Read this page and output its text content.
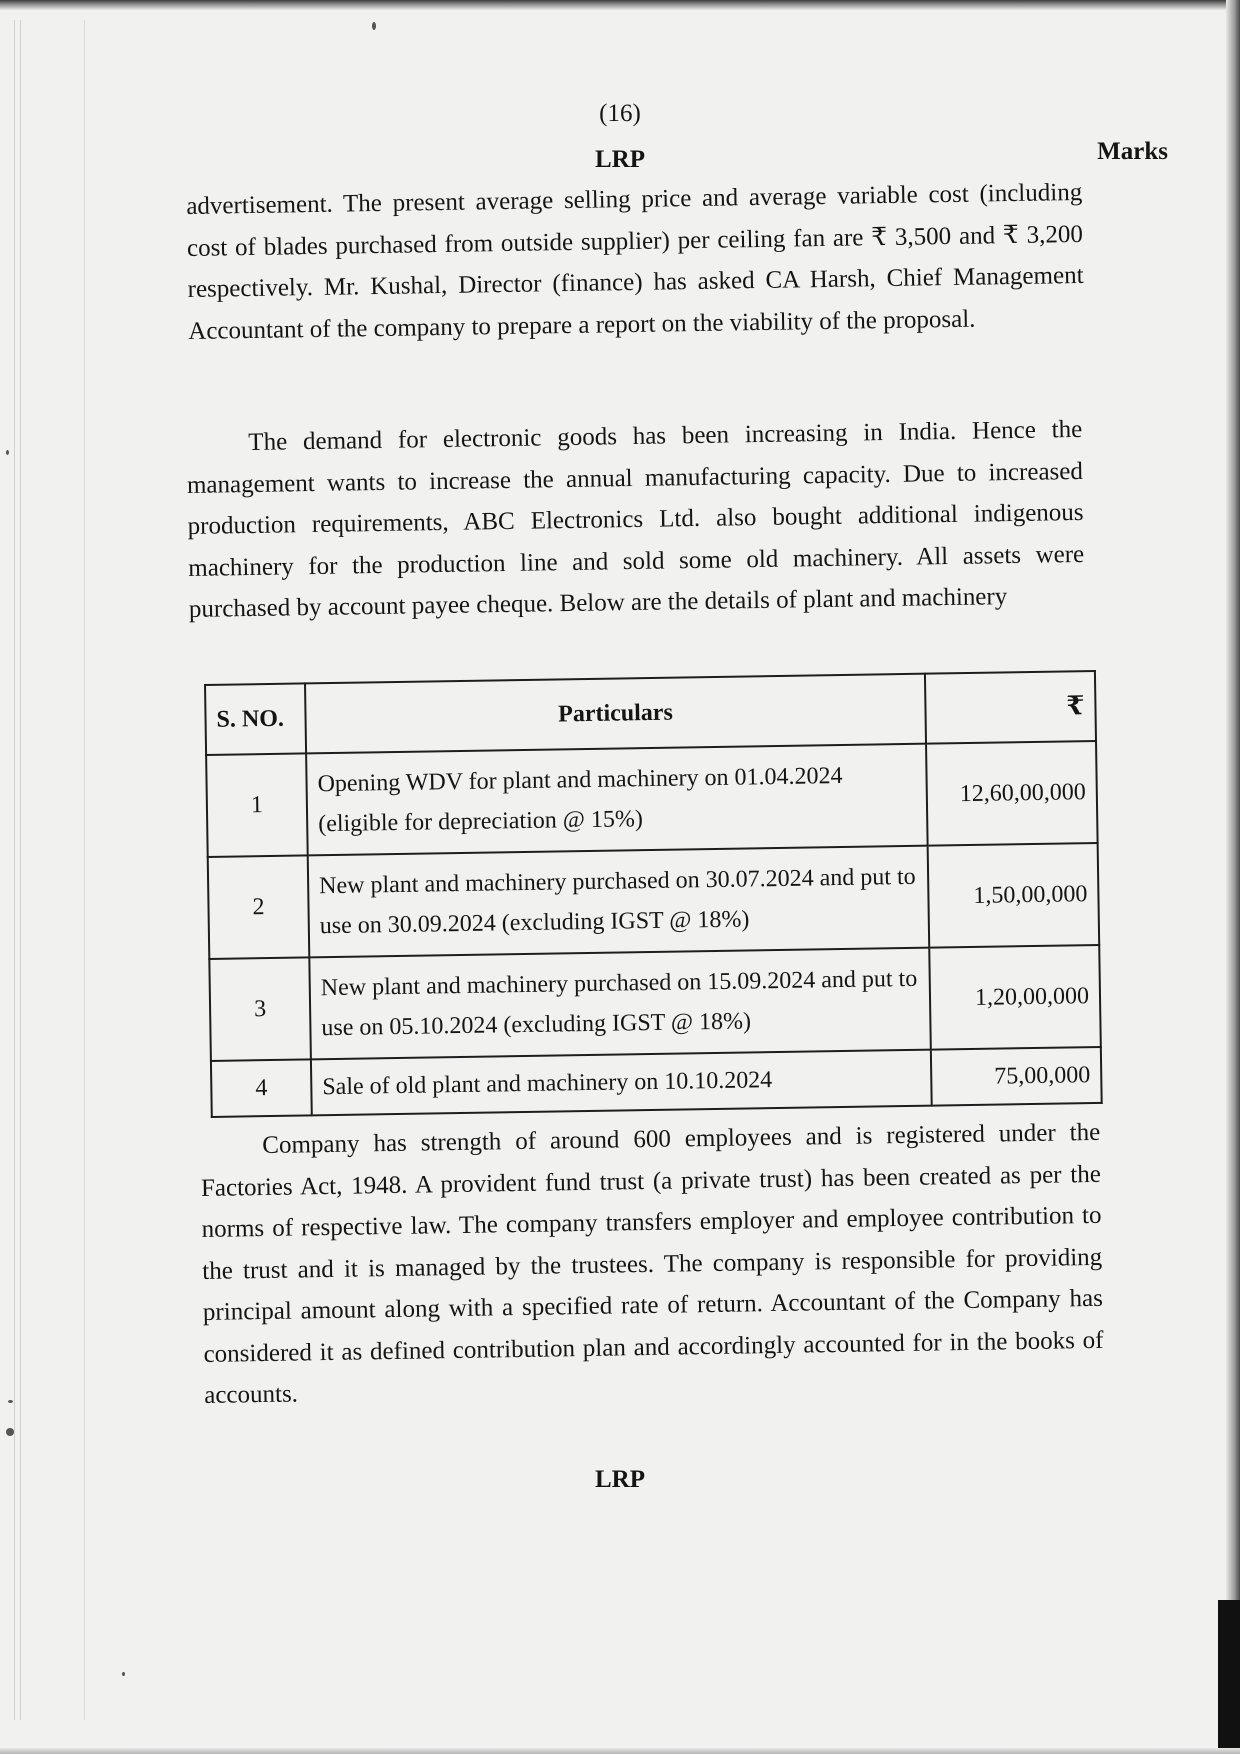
(16)
LRP	Marks

advertisement. The present average selling price and average variable cost (including cost of blades purchased from outside supplier) per ceiling fan are ₹ 3,500 and ₹ 3,200 respectively. Mr. Kushal, Director (finance) has asked CA Harsh, Chief Management Accountant of the company to prepare a report on the viability of the proposal.

The demand for electronic goods has been increasing in India. Hence the management wants to increase the annual manufacturing capacity. Due to increased production requirements, ABC Electronics Ltd. also bought additional indigenous machinery for the production line and sold some old machinery. All assets were purchased by account payee cheque. Below are the details of plant and machinery

S. NO.	Particulars	₹
1	Opening WDV for plant and machinery on 01.04.2024 (eligible for depreciation @ 15%)	12,60,00,000
2	New plant and machinery purchased on 30.07.2024 and put to use on 30.09.2024 (excluding IGST @ 18%)	1,50,00,000
3	New plant and machinery purchased on 15.09.2024 and put to use on 05.10.2024 (excluding IGST @ 18%)	1,20,00,000
4	Sale of old plant and machinery on 10.10.2024	75,00,000

Company has strength of around 600 employees and is registered under the Factories Act, 1948. A provident fund trust (a private trust) has been created as per the norms of respective law. The company transfers employer and employee contribution to the trust and it is managed by the trustees. The company is responsible for providing principal amount along with a specified rate of return. Accountant of the Company has considered it as defined contribution plan and accordingly accounted for in the books of accounts.

LRP
